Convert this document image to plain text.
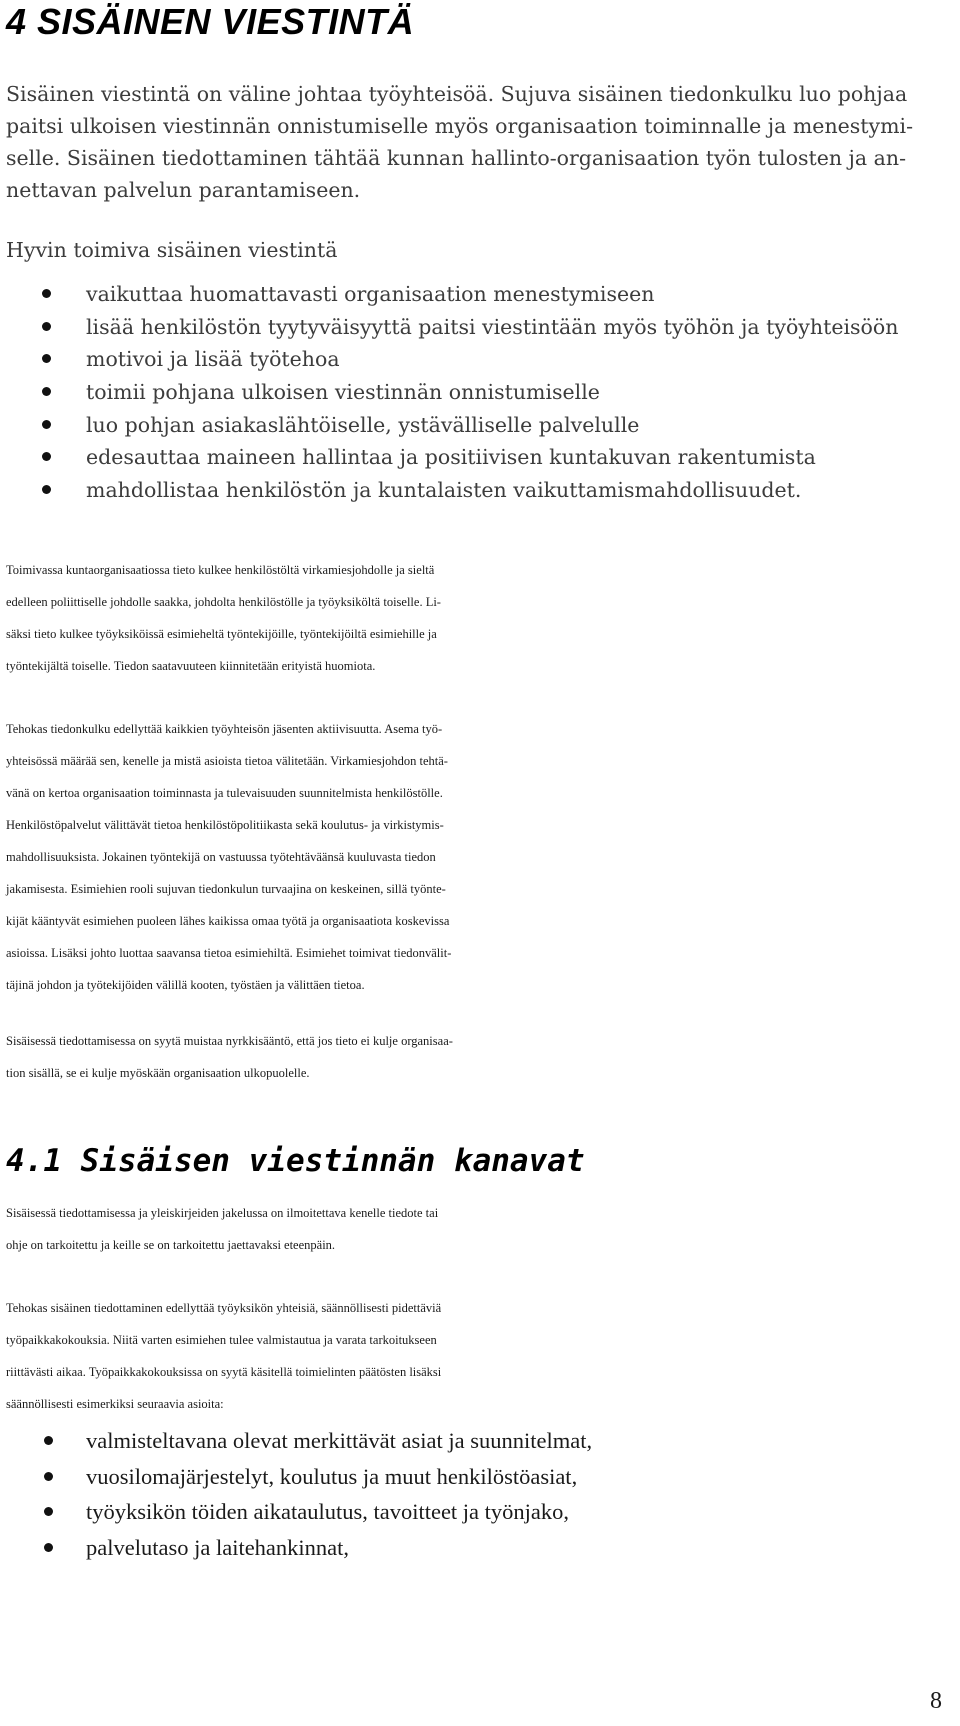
4 SISÄINEN VIESTINTÄ

Sisäinen viestintä on väline johtaa työyhteisöä. Sujuva sisäinen tiedonkulku luo pohjaa
paitsi ulkoisen viestinnän onnistumiselle myös organisaation toiminnalle ja menestymi-
selle. Sisäinen tiedottaminen tähtää kunnan hallinto-organisaation työn tulosten ja an-
nettavan palvelun parantamiseen.

Hyvin toimiva sisäinen viestintä

vaikuttaa huomattavasti organisaation menestymiseen
lisää henkilöstön tyytyväisyyttä paitsi viestintään myös työhön ja työyhteisöön
motivoi ja lisää työtehoa
toimii pohjana ulkoisen viestinnän onnistumiselle
luo pohjan asiakaslähtöiselle, ystävälliselle palvelulle
edesauttaa maineen hallintaa ja positiivisen kuntakuvan rakentumista
mahdollistaa henkilöstön ja kuntalaisten vaikuttamismahdollisuudet.

Toimivassa kuntaorganisaatiossa tieto kulkee henkilöstöltä virkamiesjohdolle ja sieltä
edelleen poliittiselle johdolle saakka, johdolta henkilöstölle ja työyksiköltä toiselle. Li-
säksi tieto kulkee työyksiköissä esimieheltä työntekijöille, työntekijöiltä esimiehille ja
työntekijältä toiselle. Tiedon saatavuuteen kiinnitetään erityistä huomiota.

Tehokas tiedonkulku edellyttää kaikkien työyhteisön jäsenten aktiivisuutta. Asema työ-
yhteisössä määrää sen, kenelle ja mistä asioista tietoa välitetään. Virkamiesjohdon tehtä-
vänä on kertoa organisaation toiminnasta ja tulevaisuuden suunnitelmista henkilöstölle.
Henkilöstöpalvelut välittävät tietoa henkilöstöpolitiikasta sekä koulutus- ja virkistymis-
mahdollisuuksista. Jokainen työntekijä on vastuussa työtehtäväänsä kuuluvasta tiedon
jakamisesta. Esimiehien rooli sujuvan tiedonkulun turvaajina on keskeinen, sillä työnte-
kijät kääntyvät esimiehen puoleen lähes kaikissa omaa työtä ja organisaatiota koskevissa
asioissa. Lisäksi johto luottaa saavansa tietoa esimiehiltä. Esimiehet toimivat tiedonvälit-
täjinä johdon ja työtekijöiden välillä kooten, työstäen ja välittäen tietoa.

Sisäisessä tiedottamisessa on syytä muistaa nyrkkisääntö, että jos tieto ei kulje organisaa-
tion sisällä, se ei kulje myöskään organisaation ulkopuolelle.

4.1 Sisäisen viestinnän kanavat

Sisäisessä tiedottamisessa ja yleiskirjeiden jakelussa on ilmoitettava kenelle tiedote tai
ohje on tarkoitettu ja keille se on tarkoitettu jaettavaksi eteenpäin.

Tehokas sisäinen tiedottaminen edellyttää työyksikön yhteisiä, säännöllisesti pidettäviä
työpaikkakokouksia. Niitä varten esimiehen tulee valmistautua ja varata tarkoitukseen
riittävästi aikaa. Työpaikkakokouksissa on syytä käsitellä toimielinten päätösten lisäksi
säännöllisesti esimerkiksi seuraavia asioita:

valmisteltavana olevat merkittävät asiat ja suunnitelmat,
vuosilomajärjestelyt, koulutus ja muut henkilöstöasiat,
työyksikön töiden aikataulutus, tavoitteet ja työnjako,
palvelutaso ja laitehankinnat,
8
